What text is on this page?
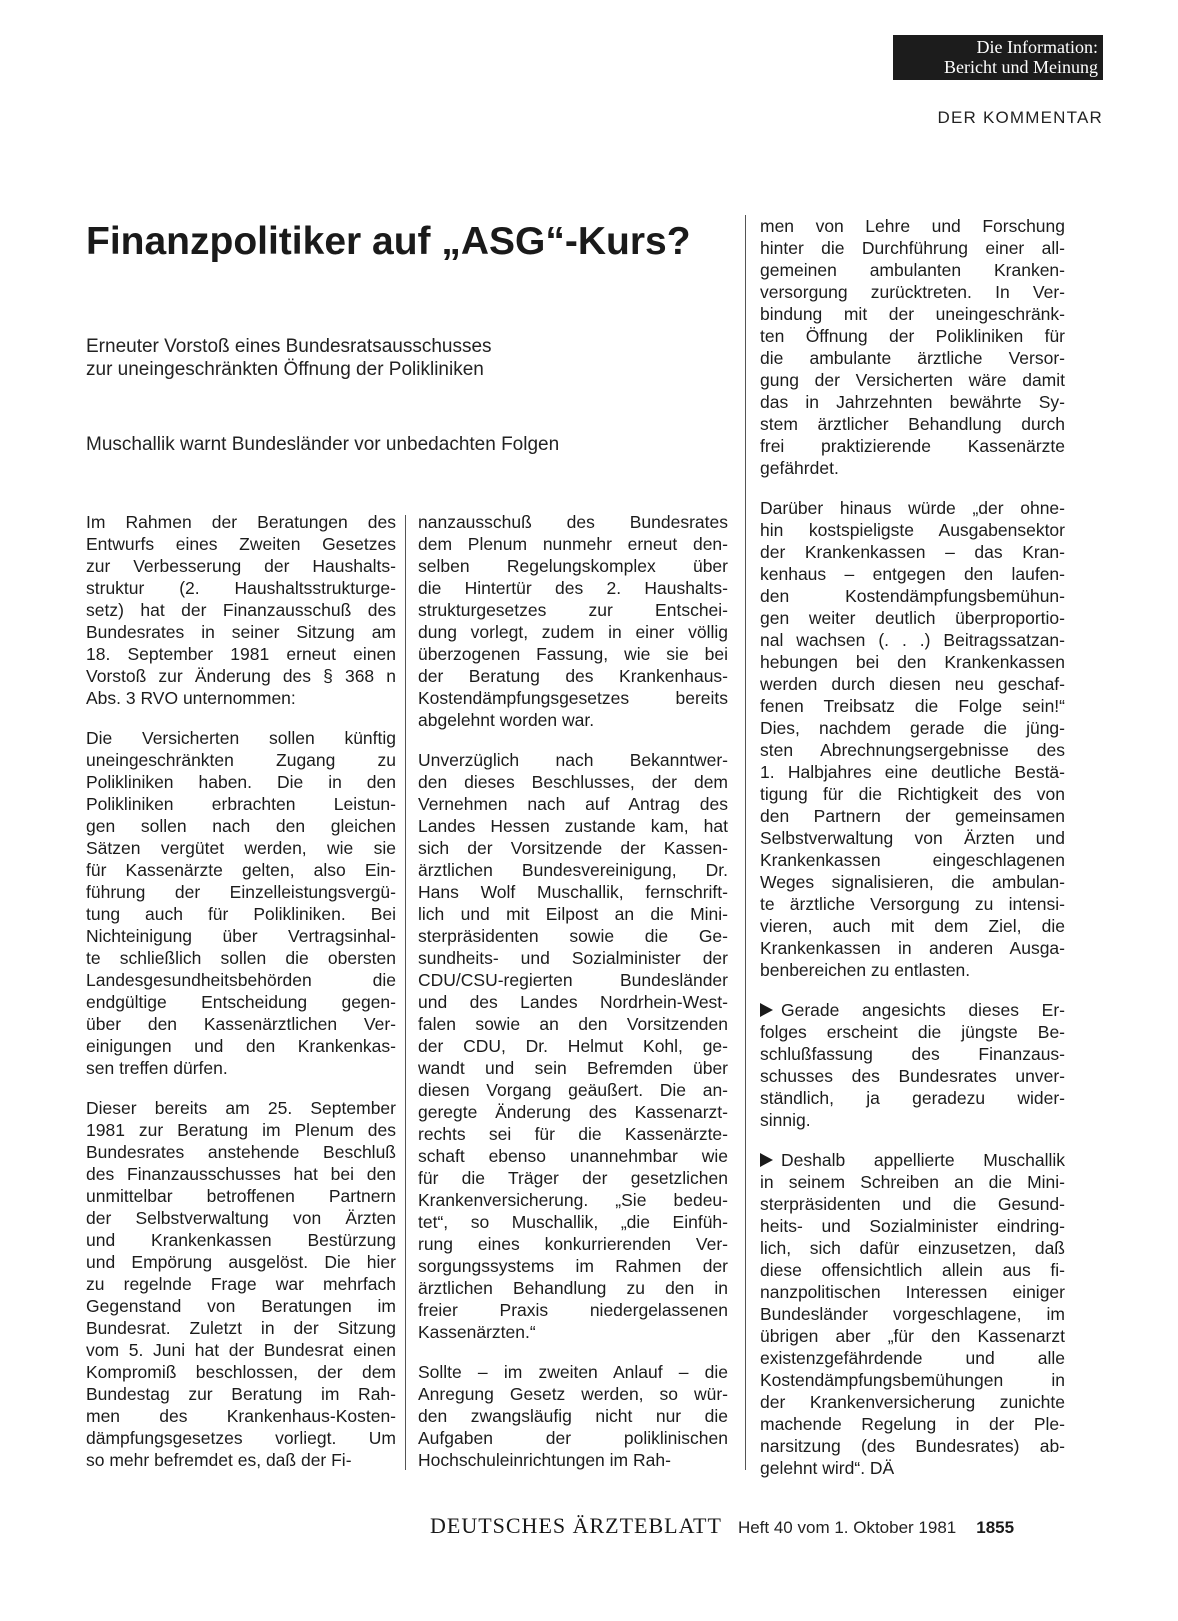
Die Information:
Bericht und Meinung
DER KOMMENTAR
Finanzpolitiker auf „ASG“-Kurs?
Erneuter Vorstoß eines Bundesratsausschusses
zur uneingeschränkten Öffnung der Polikliniken
Muschallik warnt Bundesländer vor unbedachten Folgen

Im Rahmen der Beratungen des
Entwurfs eines Zweiten Gesetzes
zur Verbesserung der Haushalts-
struktur (2. Haushaltsstrukturge-
setz) hat der Finanzausschuß des
Bundesrates in seiner Sitzung am
18. September 1981 erneut einen
Vorstoß zur Änderung des § 368 n
Abs. 3 RVO unternommen:

Die Versicherten sollen künftig
uneingeschränkten Zugang zu
Polikliniken haben. Die in den
Polikliniken erbrachten Leistun-
gen sollen nach den gleichen
Sätzen vergütet werden, wie sie
für Kassenärzte gelten, also Ein-
führung der Einzelleistungsvergü-
tung auch für Polikliniken. Bei
Nichteinigung über Vertragsinhal-
te schließlich sollen die obersten
Landesgesundheitsbehörden die
endgültige Entscheidung gegen-
über den Kassenärztlichen Ver-
einigungen und den Krankenkas-
sen treffen dürfen.

Dieser bereits am 25. September
1981 zur Beratung im Plenum des
Bundesrates anstehende Beschluß
des Finanzausschusses hat bei den
unmittelbar betroffenen Partnern
der Selbstverwaltung von Ärzten
und Krankenkassen Bestürzung
und Empörung ausgelöst. Die hier
zu regelnde Frage war mehrfach
Gegenstand von Beratungen im
Bundesrat. Zuletzt in der Sitzung
vom 5. Juni hat der Bundesrat einen
Kompromiß beschlossen, der dem
Bundestag zur Beratung im Rah-
men des Krankenhaus-Kosten-
dämpfungsgesetzes vorliegt. Um
so mehr befremdet es, daß der Fi-

nanzausschuß des Bundesrates
dem Plenum nunmehr erneut den-
selben Regelungskomplex über
die Hintertür des 2. Haushalts-
strukturgesetzes zur Entschei-
dung vorlegt, zudem in einer völlig
überzogenen Fassung, wie sie bei
der Beratung des Krankenhaus-
Kostendämpfungsgesetzes bereits
abgelehnt worden war.

Unverzüglich nach Bekanntwer-
den dieses Beschlusses, der dem
Vernehmen nach auf Antrag des
Landes Hessen zustande kam, hat
sich der Vorsitzende der Kassen-
ärztlichen Bundesvereinigung, Dr.
Hans Wolf Muschallik, fernschrift-
lich und mit Eilpost an die Mini-
sterpräsidenten sowie die Ge-
sundheits- und Sozialminister der
CDU/CSU-regierten Bundesländer
und des Landes Nordrhein-West-
falen sowie an den Vorsitzenden
der CDU, Dr. Helmut Kohl, ge-
wandt und sein Befremden über
diesen Vorgang geäußert. Die an-
geregte Änderung des Kassenarzt-
rechts sei für die Kassenärzte-
schaft ebenso unannehmbar wie
für die Träger der gesetzlichen
Krankenversicherung. „Sie bedeu-
tet“, so Muschallik, „die Einfüh-
rung eines konkurrierenden Ver-
sorgungssystems im Rahmen der
ärztlichen Behandlung zu den in
freier Praxis niedergelassenen
Kassenärzten.“

Sollte – im zweiten Anlauf – die
Anregung Gesetz werden, so wür-
den zwangsläufig nicht nur die
Aufgaben der poliklinischen
Hochschuleinrichtungen im Rah-

men von Lehre und Forschung
hinter die Durchführung einer all-
gemeinen ambulanten Kranken-
versorgung zurücktreten. In Ver-
bindung mit der uneingeschränk-
ten Öffnung der Polikliniken für
die ambulante ärztliche Versor-
gung der Versicherten wäre damit
das in Jahrzehnten bewährte Sy-
stem ärztlicher Behandlung durch
frei praktizierende Kassenärzte
gefährdet.

Darüber hinaus würde „der ohne-
hin kostspieligste Ausgabensektor
der Krankenkassen – das Kran-
kenhaus – entgegen den laufen-
den Kostendämpfungsbemühun-
gen weiter deutlich überproportio-
nal wachsen (. . .) Beitragssatzan-
hebungen bei den Krankenkassen
werden durch diesen neu geschaf-
fenen Treibsatz die Folge sein!“
Dies, nachdem gerade die jüng-
sten Abrechnungsergebnisse des
1. Halbjahres eine deutliche Bestä-
tigung für die Richtigkeit des von
den Partnern der gemeinsamen
Selbstverwaltung von Ärzten und
Krankenkassen eingeschlagenen
Weges signalisieren, die ambulan-
te ärztliche Versorgung zu intensi-
vieren, auch mit dem Ziel, die
Krankenkassen in anderen Ausga-
benbereichen zu entlasten.

Gerade angesichts dieses Er-
folges erscheint die jüngste Be-
schlußfassung des Finanzaus-
schusses des Bundesrates unver-
ständlich, ja geradezu wider-
sinnig.

Deshalb appellierte Muschallik
in seinem Schreiben an die Mini-
sterpräsidenten und die Gesund-
heits- und Sozialminister eindring-
lich, sich dafür einzusetzen, daß
diese offensichtlich allein aus fi-
nanzpolitischen Interessen einiger
Bundesländer vorgeschlagene, im
übrigen aber „für den Kassenarzt
existenzgefährdende und alle
Kostendämpfungsbemühungen in
der Krankenversicherung zunichte
machende Regelung in der Ple-
narsitzung (des Bundesrates) ab-
gelehnt wird“. DÄ

DEUTSCHES ÄRZTEBLATT Heft 40 vom 1. Oktober 1981 1855
